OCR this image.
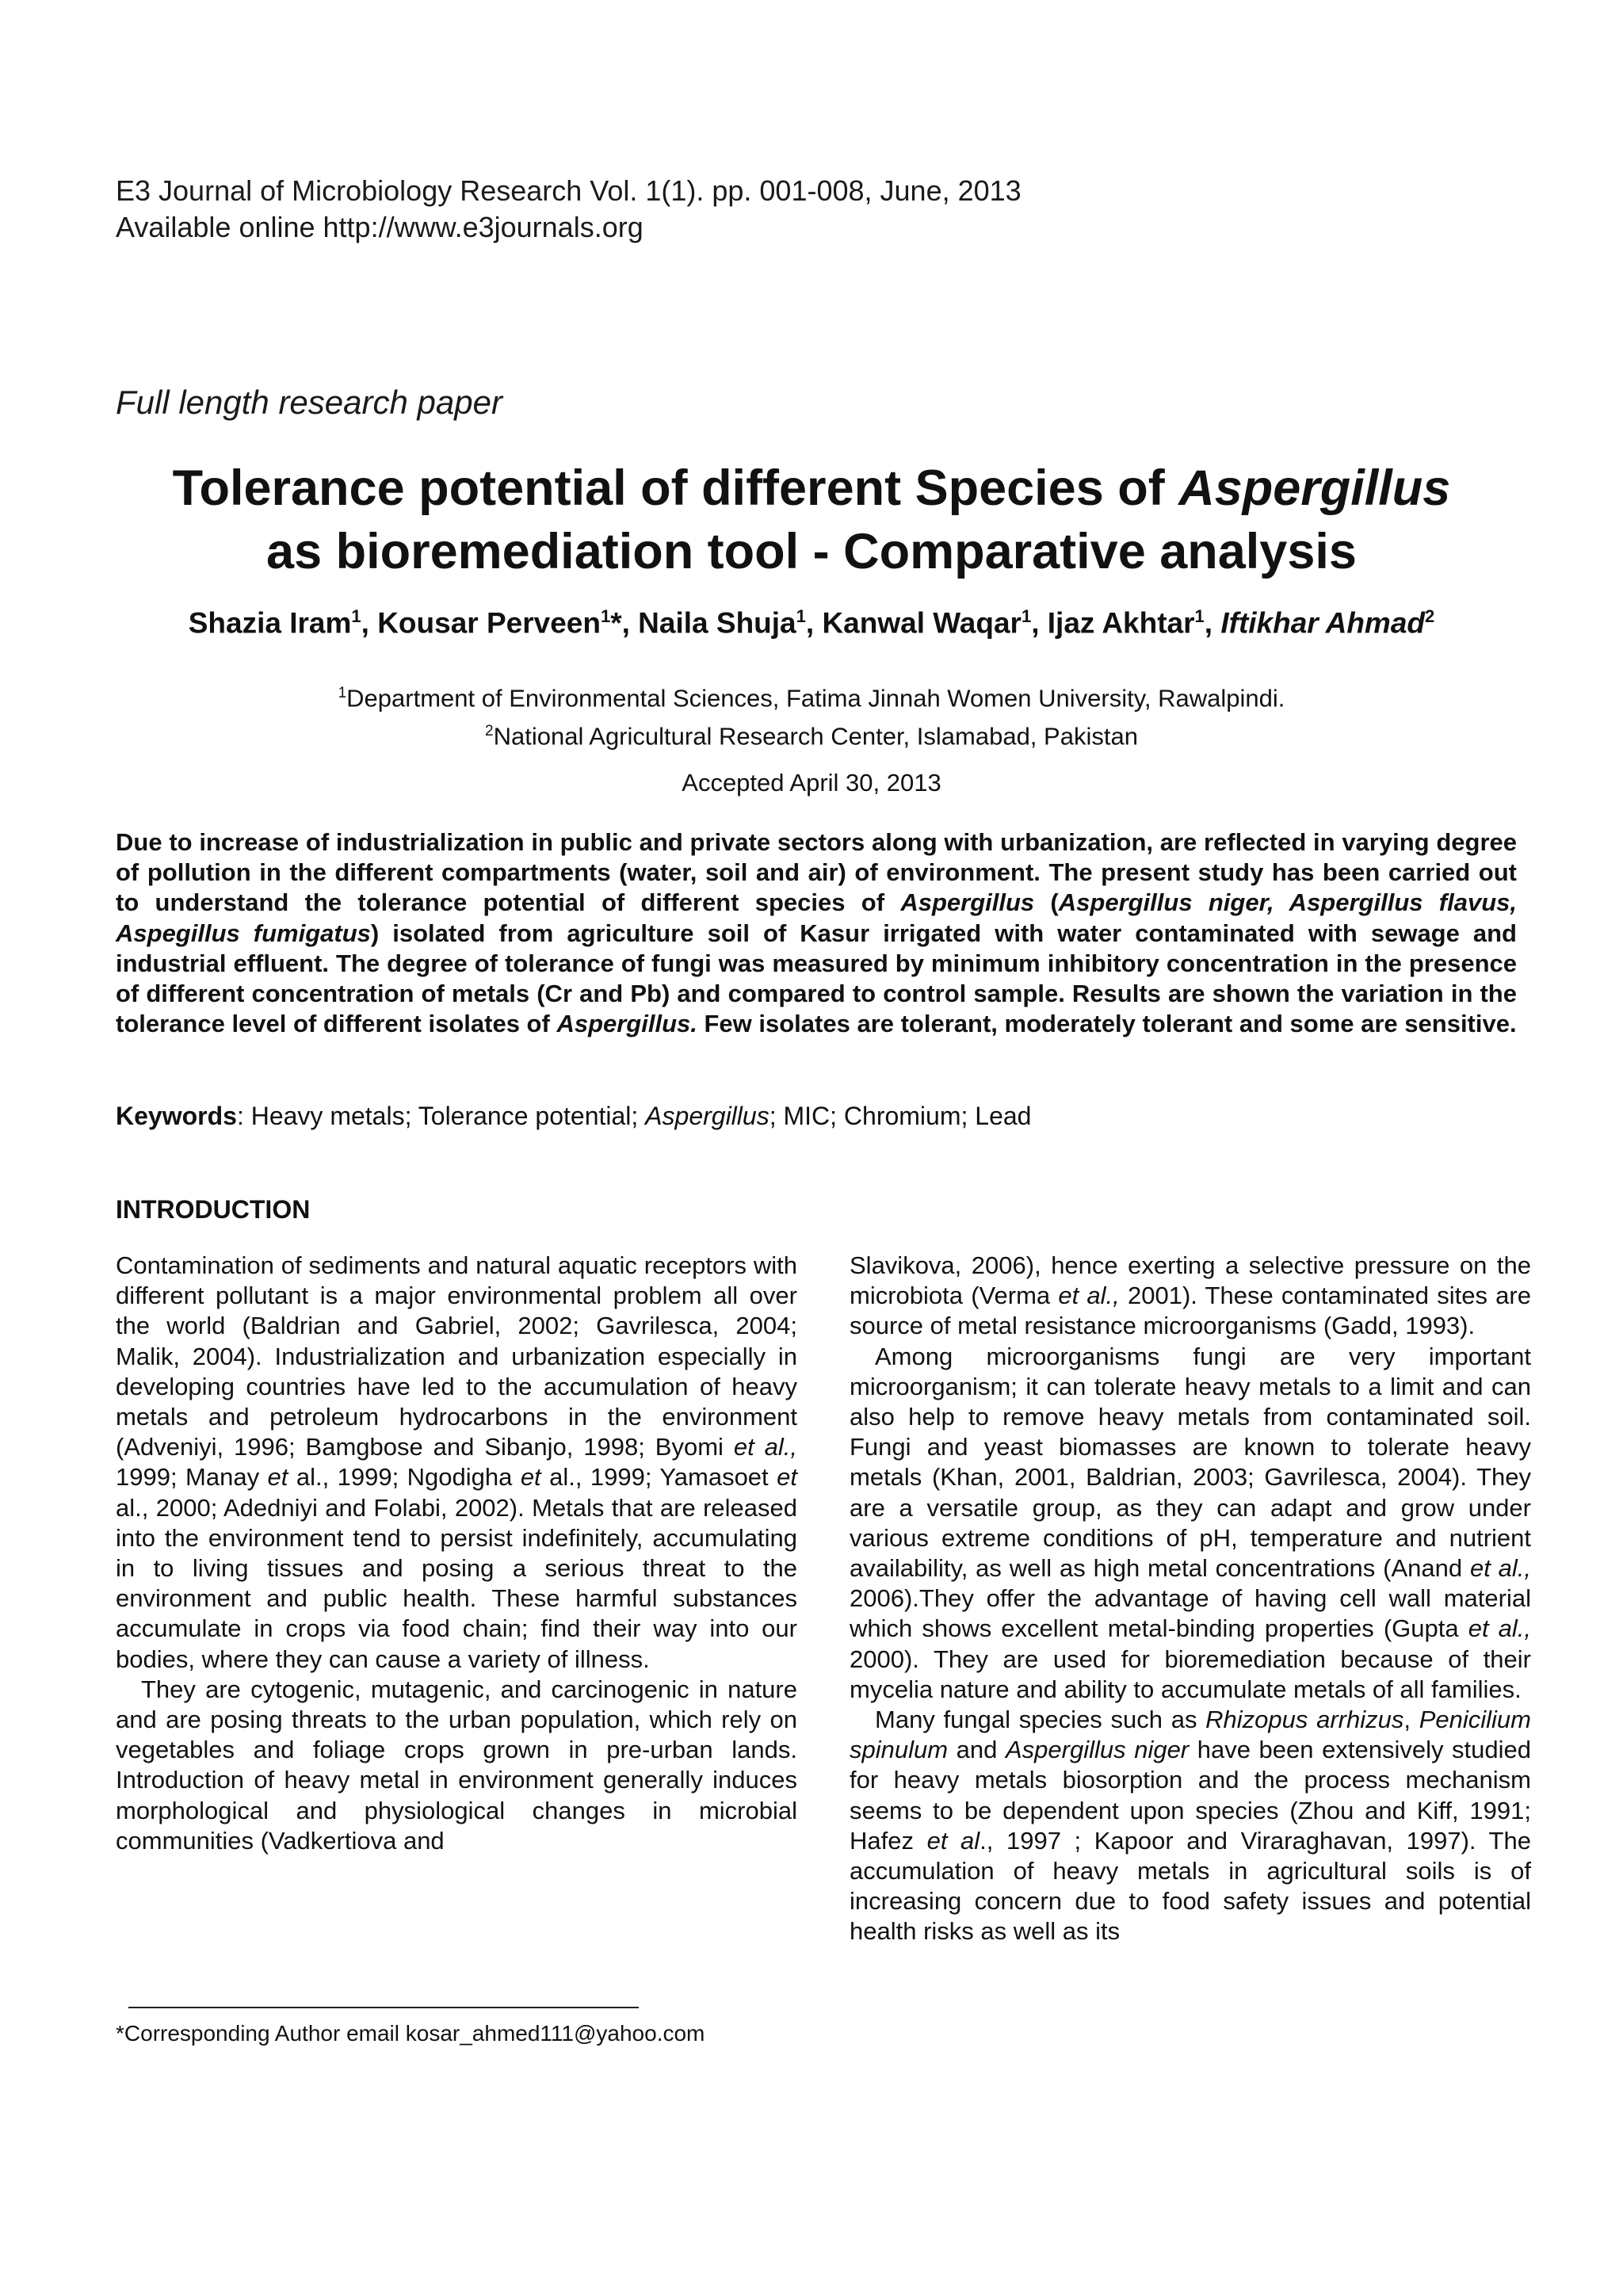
E3 Journal of Microbiology Research Vol. 1(1). pp. 001-008, June, 2013
Available online http://www.e3journals.org
Full length research paper
Tolerance potential of different Species of Aspergillus
as bioremediation tool - Comparative analysis
Shazia Iram$^1$, Kousar Perveen$^1$*, Naila Shuja$^1$, Kanwal Waqar$^1$, Ijaz Akhtar$^1$, Iftikhar Ahmad$^2$
$^1$Department of Environmental Sciences, Fatima Jinnah Women University, Rawalpindi.
$^2$National Agricultural Research Center, Islamabad, Pakistan
Accepted April 30, 2013
Due to increase of industrialization in public and private sectors along with urbanization, are reflected in varying degree of pollution in the different compartments (water, soil and air) of environment. The present study has been carried out to understand the tolerance potential of different species of Aspergillus (Aspergillus niger, Aspergillus flavus, Aspegillus fumigatus) isolated from agriculture soil of Kasur irrigated with water contaminated with sewage and industrial effluent. The degree of tolerance of fungi was measured by minimum inhibitory concentration in the presence of different concentration of metals (Cr and Pb) and compared to control sample. Results are shown the variation in the tolerance level of different isolates of Aspergillus. Few isolates are tolerant, moderately tolerant and some are sensitive.
Keywords: Heavy metals; Tolerance potential; Aspergillus; MIC; Chromium; Lead
INTRODUCTION

Contamination of sediments and natural aquatic receptors with different pollutant is a major environmental problem all over the world (Baldrian and Gabriel, 2002; Gavrilesca, 2004; Malik, 2004). Industrialization and urbanization especially in developing countries have led to the accumulation of heavy metals and petroleum hydrocarbons in the environment (Adveniyi, 1996; Bamgbose and Sibanjo, 1998; Byomi et al., 1999; Manay et al., 1999; Ngodigha et al., 1999; Yamasoet et al., 2000; Adedniyi and Folabi, 2002). Metals that are released into the environment tend to persist indefinitely, accumulating in to living tissues and posing a serious threat to the environment and public health. These harmful substances accumulate in crops via food chain; find their way into our bodies, where they can cause a variety of illness.

They are cytogenic, mutagenic, and carcinogenic in nature and are posing threats to the urban population, which rely on vegetables and foliage crops grown in pre-urban lands. Introduction of heavy metal in environment generally induces morphological and physiological changes in microbial communities (Vadkertiova and

Slavikova, 2006), hence exerting a selective pressure on the microbiota (Verma et al., 2001). These contaminated sites are source of metal resistance microorganisms (Gadd, 1993).

Among microorganisms fungi are very important microorganism; it can tolerate heavy metals to a limit and can also help to remove heavy metals from contaminated soil. Fungi and yeast biomasses are known to tolerate heavy metals (Khan, 2001, Baldrian, 2003; Gavrilesca, 2004). They are a versatile group, as they can adapt and grow under various extreme conditions of pH, temperature and nutrient availability, as well as high metal concentrations (Anand et al., 2006).They offer the advantage of having cell wall material which shows excellent metal-binding properties (Gupta et al., 2000). They are used for bioremediation because of their mycelia nature and ability to accumulate metals of all families.

Many fungal species such as Rhizopus arrhizus, Penicilium spinulum and Aspergillus niger have been extensively studied for heavy metals biosorption and the process mechanism seems to be dependent upon species (Zhou and Kiff, 1991; Hafez et al., 1997 ; Kapoor and Viraraghavan, 1997). The accumulation of heavy metals in agricultural soils is of increasing concern due to food safety issues and potential health risks as well as its

*Corresponding Author email kosar_ahmed111@yahoo.com
